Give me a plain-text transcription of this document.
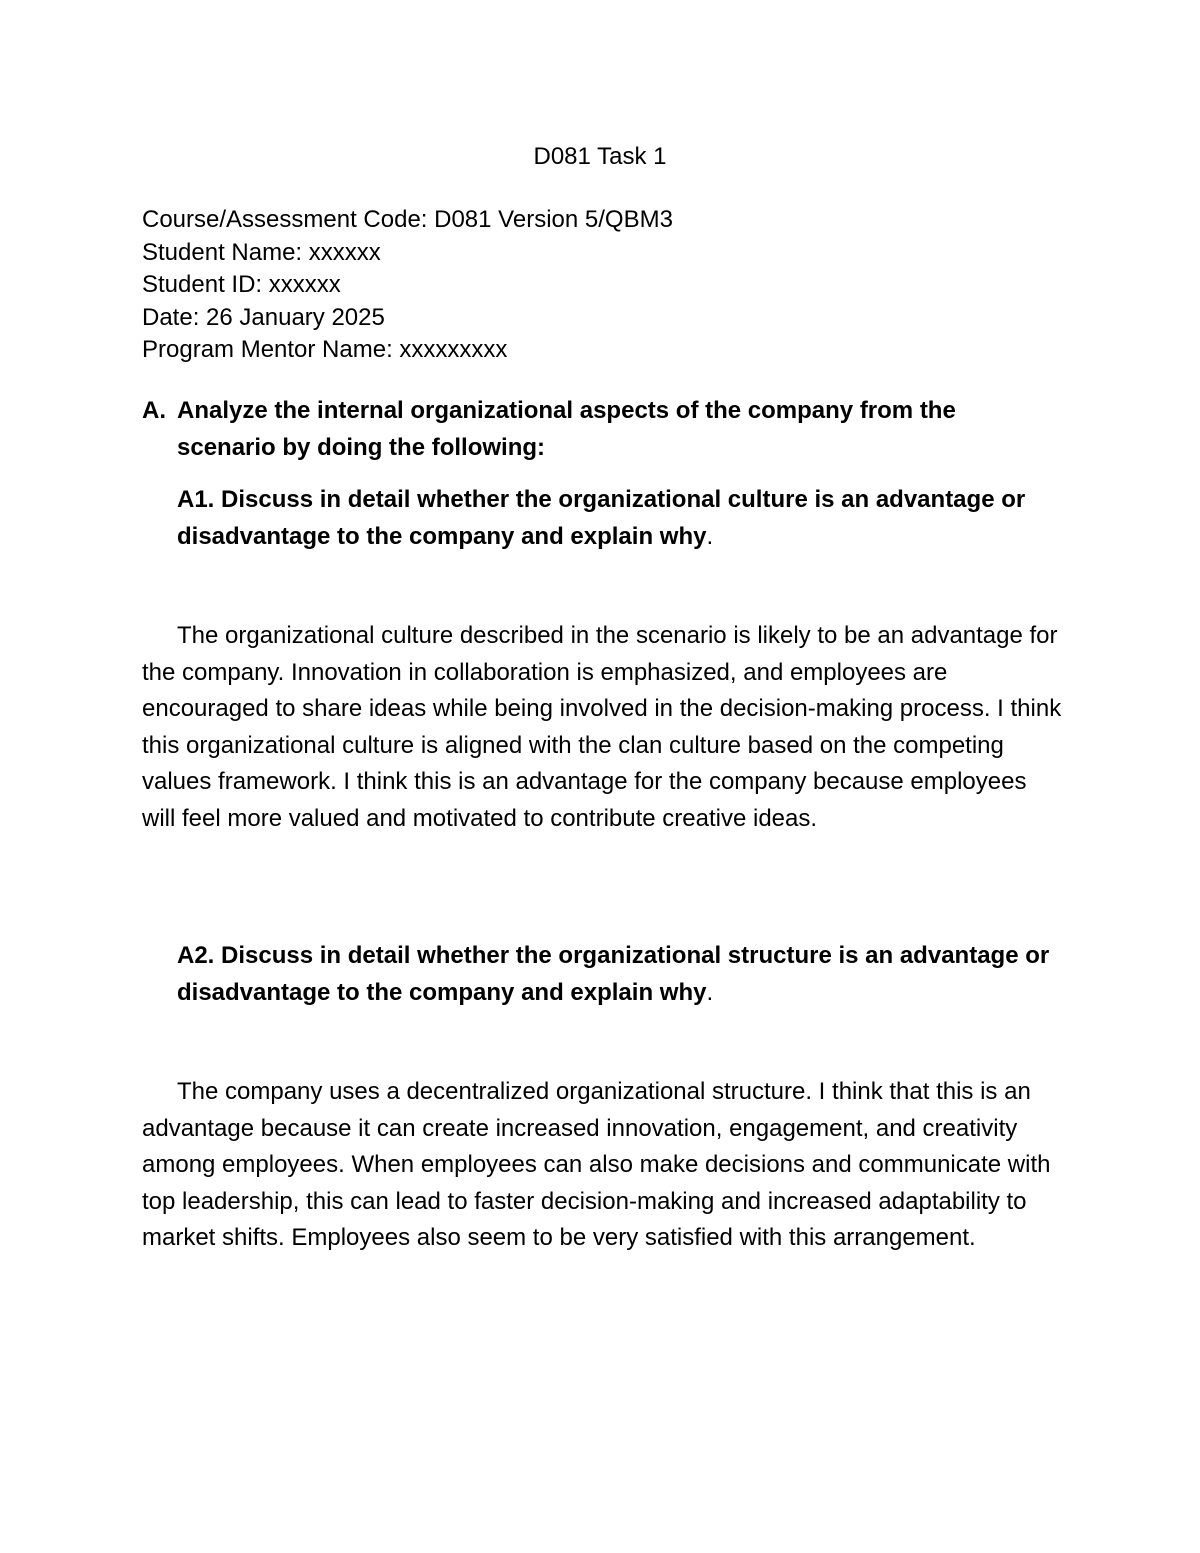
D081 Task 1
Course/Assessment Code: D081 Version 5/QBM3
Student Name: xxxxxx
Student ID: xxxxxx
Date: 26 January 2025
Program Mentor Name: xxxxxxxxx
A. Analyze the internal organizational aspects of the company from the scenario by doing the following:
A1. Discuss in detail whether the organizational culture is an advantage or disadvantage to the company and explain why.
The organizational culture described in the scenario is likely to be an advantage for the company. Innovation in collaboration is emphasized, and employees are encouraged to share ideas while being involved in the decision-making process. I think this organizational culture is aligned with the clan culture based on the competing values framework. I think this is an advantage for the company because employees will feel more valued and motivated to contribute creative ideas.
A2. Discuss in detail whether the organizational structure is an advantage or disadvantage to the company and explain why.
The company uses a decentralized organizational structure. I think that this is an advantage because it can create increased innovation, engagement, and creativity among employees. When employees can also make decisions and communicate with top leadership, this can lead to faster decision-making and increased adaptability to market shifts. Employees also seem to be very satisfied with this arrangement.
